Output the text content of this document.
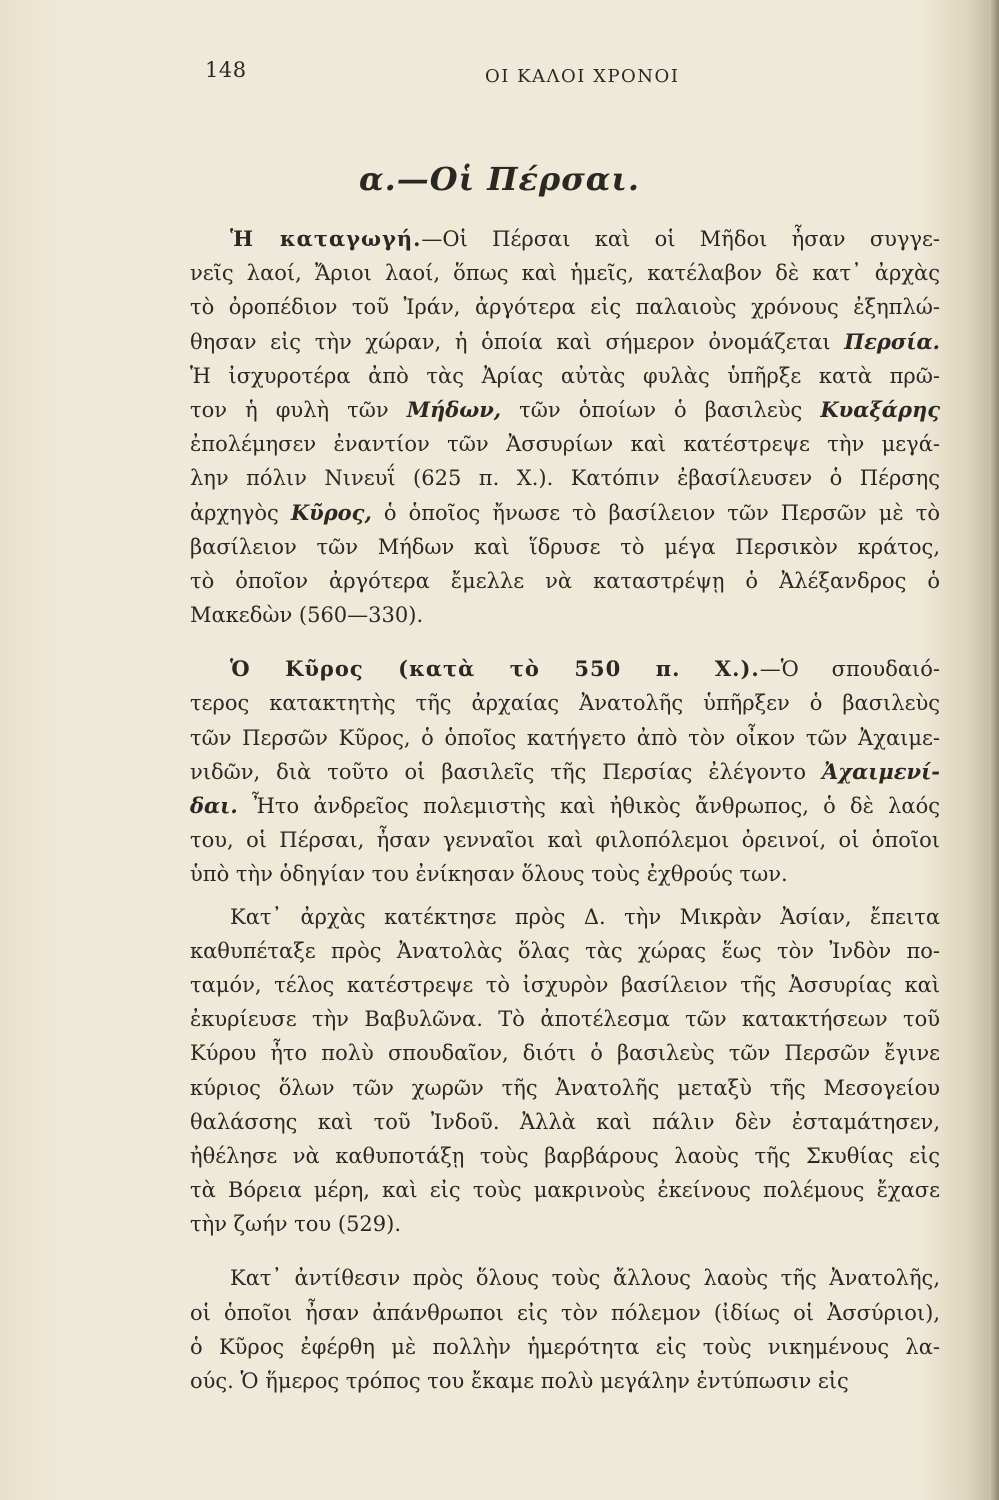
148	ΟΙ ΚΑΛΟΙ ΧΡΟΝΟΙ
α.—Οἱ Πέρσαι.
Ἡ καταγωγή.—Οἱ Πέρσαι καὶ οἱ Μῆδοι ἦσαν συγγε-
νεῖς λαοί, Ἄριοι λαοί, ὅπως καὶ ἡμεῖς, κατέλαβον δὲ κατ᾿ ἀρχὰς
τὸ ὀροπέδιον τοῦ Ἰράν, ἀργότερα εἰς παλαιοὺς χρόνους ἐξηπλώ-
θησαν εἰς τὴν χώραν, ἡ ὁποία καὶ σήμερον ὀνομάζεται Περσία.
Ἡ ἰσχυροτέρα ἀπὸ τὰς Ἀρίας αὐτὰς φυλὰς ὑπῆρξε κατὰ πρῶ-
τον ἡ φυλὴ τῶν Μήδων, τῶν ὁποίων ὁ βασιλεὺς Κυαξάρης
ἐπολέμησεν ἐναντίον τῶν Ἀσσυρίων καὶ κατέστρεψε τὴν μεγά-
λην πόλιν Νινευΐ (625 π. Χ.). Κατόπιν ἐβασίλευσεν ὁ Πέρσης
ἀρχηγὸς Κῦρος, ὁ ὁποῖος ἤνωσε τὸ βασίλειον τῶν Περσῶν μὲ τὸ
βασίλειον τῶν Μήδων καὶ ἵδρυσε τὸ μέγα Περσικὸν κράτος,
τὸ ὁποῖον ἀργότερα ἔμελλε νὰ καταστρέψῃ ὁ Ἀλέξανδρος ὁ
Μακεδὼν (560—330).
Ὁ Κῦρος (κατὰ τὸ 550 π. Χ.).—Ὁ σπουδαιό-
τερος κατακτητὴς τῆς ἀρχαίας Ἀνατολῆς ὑπῆρξεν ὁ βασιλεὺς
τῶν Περσῶν Κῦρος, ὁ ὁποῖος κατήγετο ἀπὸ τὸν οἶκον τῶν Ἀχαιμε-
νιδῶν, διὰ τοῦτο οἱ βασιλεῖς τῆς Περσίας ἐλέγοντο Ἀχαιμενί-
δαι. Ἦτο ἀνδρεῖος πολεμιστὴς καὶ ἠθικὸς ἄνθρωπος, ὁ δὲ λαός
του, οἱ Πέρσαι, ἦσαν γενναῖοι καὶ φιλοπόλεμοι ὀρεινοί, οἱ ὁποῖοι
ὑπὸ τὴν ὁδηγίαν του ἐνίκησαν ὅλους τοὺς ἐχθρούς των.
Κατ᾿ ἀρχὰς κατέκτησε πρὸς Δ. τὴν Μικρὰν Ἀσίαν, ἔπειτα
καθυπέταξε πρὸς Ἀνατολὰς ὅλας τὰς χώρας ἕως τὸν Ἰνδὸν πο-
ταμόν, τέλος κατέστρεψε τὸ ἰσχυρὸν βασίλειον τῆς Ἀσσυρίας καὶ
ἐκυρίευσε τὴν Βαβυλῶνα. Τὸ ἀποτέλεσμα τῶν κατακτήσεων τοῦ
Κύρου ἦτο πολὺ σπουδαῖον, διότι ὁ βασιλεὺς τῶν Περσῶν ἔγινε
κύριος ὅλων τῶν χωρῶν τῆς Ἀνατολῆς μεταξὺ τῆς Μεσογείου
θαλάσσης καὶ τοῦ Ἰνδοῦ. Ἀλλὰ καὶ πάλιν δὲν ἐσταμάτησεν,
ἠθέλησε νὰ καθυποτάξῃ τοὺς βαρβάρους λαοὺς τῆς Σκυθίας εἰς
τὰ Βόρεια μέρη, καὶ εἰς τοὺς μακρινοὺς ἐκείνους πολέμους ἔχασε
τὴν ζωήν του (529).
Κατ᾿ ἀντίθεσιν πρὸς ὅλους τοὺς ἄλλους λαοὺς τῆς Ἀνατολῆς,
οἱ ὁποῖοι ἦσαν ἀπάνθρωποι εἰς τὸν πόλεμον (ἰδίως οἱ Ἀσσύριοι),
ὁ Κῦρος ἐφέρθη μὲ πολλὴν ἡμερότητα εἰς τοὺς νικημένους λα-
ούς. Ὁ ἥμερος τρόπος του ἔκαμε πολὺ μεγάλην ἐντύπωσιν εἰς
